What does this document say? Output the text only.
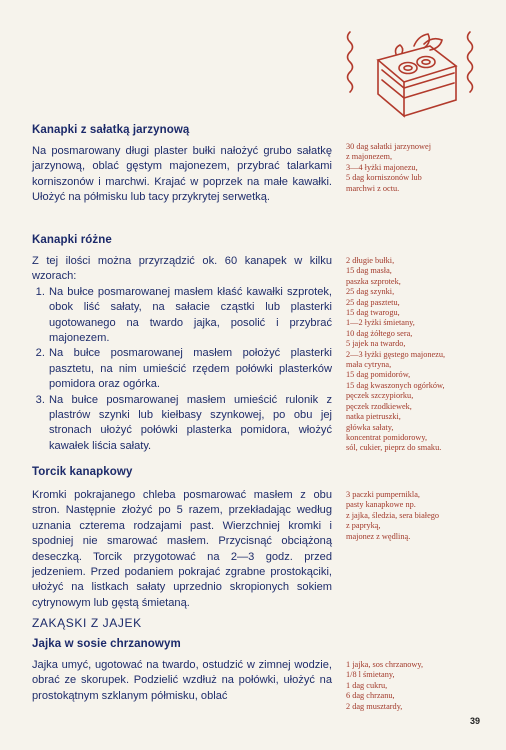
Kanapki z sałatką jarzynową

Na posmarowany długi plaster bułki nałożyć grubo sałatkę jarzynową, oblać gęstym majonezem, przybrać talarkami korniszonów i marchwi. Krajać w poprzek na małe kawałki. Ułożyć na półmisku lub tacy przykrytej serwetką.

30 dag sałatki jarzynowej
z majonezem,
3—4 łyżki majonezu,
5 dag korniszonów lub
marchwi z octu.
Kanapki różne

Z tej ilości można przyrządzić ok. 60 kanapek w kilku wzorach:

1. Na bułce posmarowanej masłem kłaść kawałki szprotek, obok liść sałaty, na sałacie cząstki lub plasterki ugotowanego na twardo jajka, posolić i przybrać majonezem.
2. Na bułce posmarowanej masłem położyć plasterki pasztetu, na nim umieścić rzędem połówki plasterków pomidora oraz ogórka.
3. Na bułce posmarowanej masłem umieścić rulonik z plastrów szynki lub kiełbasy szynkowej, po obu jej stronach ułożyć połówki plasterka pomidora, włożyć kawałek liścia sałaty.
2 długie bułki,
15 dag masła,
paszka szprotek,
25 dag szynki,
25 dag pasztetu,
15 dag twarogu,
1—2 łyżki śmietany,
10 dag żółtego sera,
5 jajek na twardo,
2—3 łyżki gęstego majonezu,
mała cytryna,
15 dag pomidorów,
15 dag kwaszonych ogórków,
pęczek szczypiorku,
pęczek rzodkiewek,
natka pietruszki,
główka sałaty,
koncentrat pomidorowy,
sól, cukier, pieprz do smaku.
Torcik kanapkowy

Kromki pokrajanego chleba posmarować masłem z obu stron. Następnie złożyć po 5 razem, przekładając według uznania czterema rodzajami past. Wierzchniej kromki i spodniej nie smarować masłem. Przycisnąć obciążoną deseczką. Torcik przygotować na 2—3 godz. przed jedzeniem. Przed podaniem pokrajać zgrabne prostokąciki, ułożyć na listkach sałaty uprzednio skropionych sokiem cytrynowym lub gęstą śmietaną.

3 paczki pumpernikla,
pasty kanapkowe np.
z jajka, śledzia, sera białego
z papryką,
majonez z wędliną.
ZAKĄSKI Z JAJEK
Jajka w sosie chrzanowym

Jajka umyć, ugotować na twardo, ostudzić w zimnej wodzie, obrać ze skorupek. Podzielić wzdłuż na połówki, ułożyć na prostokątnym szklanym półmisku, oblać

1 jajka, sos chrzanowy,
1/8 l śmietany,
1 dag cukru,
6 dag chrzanu,
2 dag musztardy,
39
